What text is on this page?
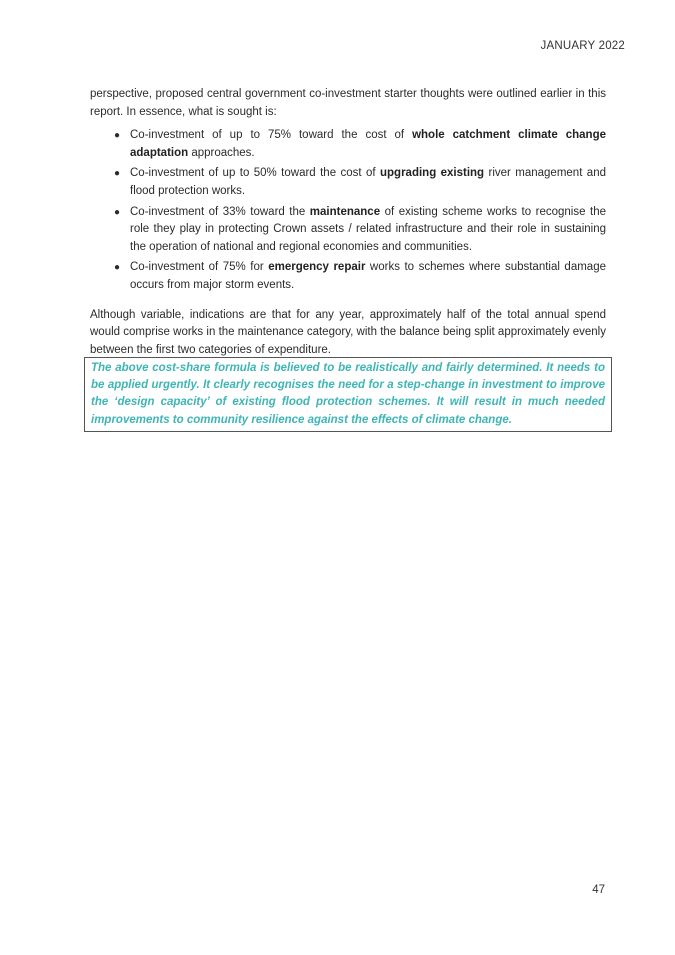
JANUARY 2022

perspective, proposed central government co-investment starter thoughts were outlined earlier in this report. In essence, what is sought is:

● Co-investment of up to 75% toward the cost of whole catchment climate change adaptation approaches.
● Co-investment of up to 50% toward the cost of upgrading existing river management and flood protection works.
● Co-investment of 33% toward the maintenance of existing scheme works to recognise the role they play in protecting Crown assets / related infrastructure and their role in sustaining the operation of national and regional economies and communities.
● Co-investment of 75% for emergency repair works to schemes where substantial damage occurs from major storm events.

Although variable, indications are that for any year, approximately half of the total annual spend would comprise works in the maintenance category, with the balance being split approximately evenly between the first two categories of expenditure.

The above cost-share formula is believed to be realistically and fairly determined. It needs to be applied urgently. It clearly recognises the need for a step-change in investment to improve the ‘design capacity’ of existing flood protection schemes. It will result in much needed improvements to community resilience against the effects of climate change.
47
